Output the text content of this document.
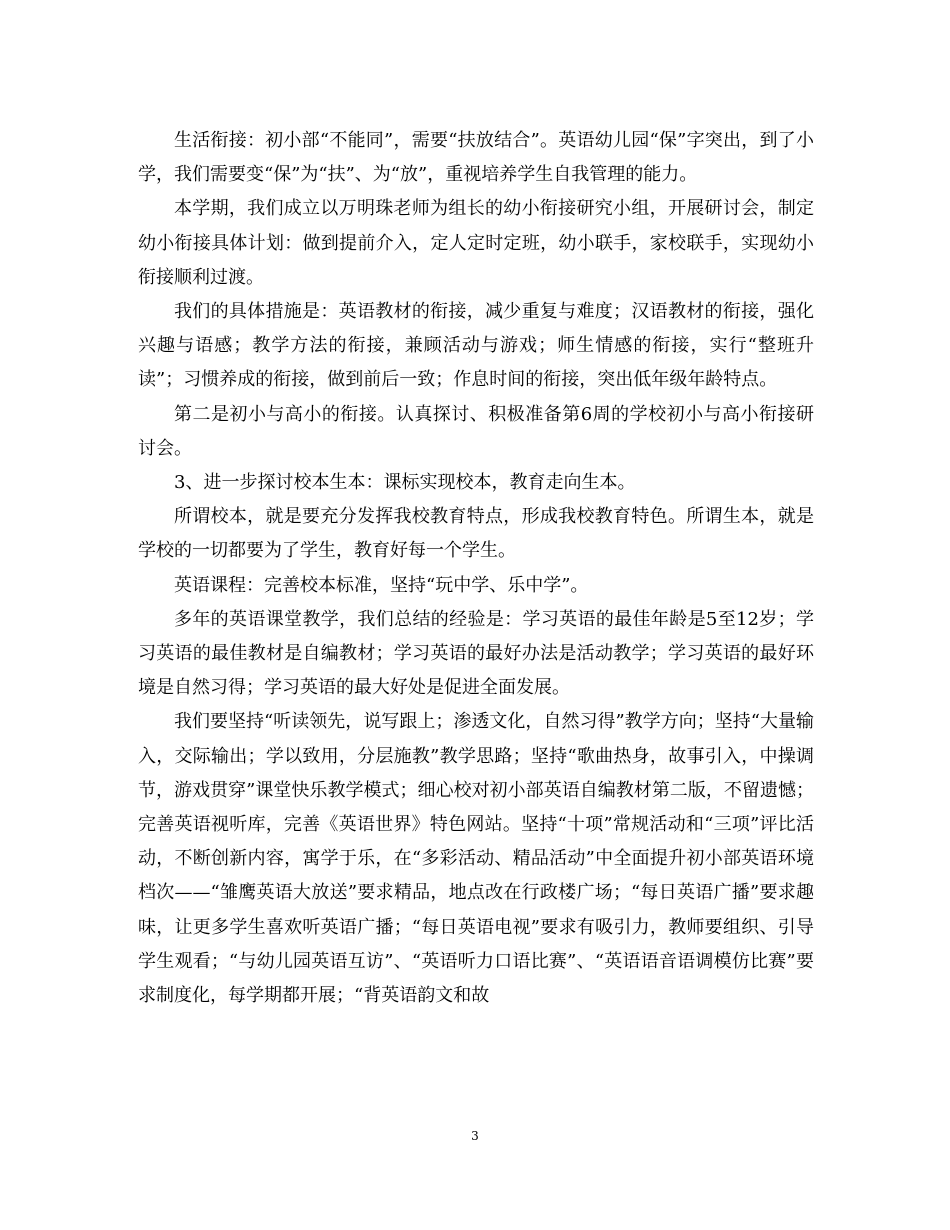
生活衔接：初小部“不能同”，需要“扶放结合”。英语幼儿园“保”字突出，到了小学，我们需要变“保”为“扶”、为“放”，重视培养学生自我管理的能力。

本学期，我们成立以万明珠老师为组长的幼小衔接研究小组，开展研讨会，制定幼小衔接具体计划：做到提前介入，定人定时定班，幼小联手，家校联手，实现幼小衔接顺利过渡。

我们的具体措施是：英语教材的衔接，减少重复与难度；汉语教材的衔接，强化兴趣与语感；教学方法的衔接，兼顾活动与游戏；师生情感的衔接，实行“整班升读”；习惯养成的衔接，做到前后一致；作息时间的衔接，突出低年级年龄特点。

第二是初小与高小的衔接。认真探讨、积极准备第6周的学校初小与高小衔接研讨会。

3、进一步探讨校本生本：课标实现校本，教育走向生本。

所谓校本，就是要充分发挥我校教育特点，形成我校教育特色。所谓生本，就是学校的一切都要为了学生，教育好每一个学生。

英语课程：完善校本标准，坚持“玩中学、乐中学”。

多年的英语课堂教学，我们总结的经验是：学习英语的最佳年龄是5至12岁；学习英语的最佳教材是自编教材；学习英语的最好办法是活动教学；学习英语的最好环境是自然习得；学习英语的最大好处是促进全面发展。

我们要坚持“听读领先，说写跟上；渗透文化，自然习得”教学方向；坚持“大量输入，交际输出；学以致用，分层施教”教学思路；坚持“歌曲热身，故事引入，中操调节，游戏贯穿”课堂快乐教学模式；细心校对初小部英语自编教材第二版，不留遗憾；完善英语视听库，完善《英语世界》特色网站。坚持“十项”常规活动和“三项”评比活动，不断创新内容，寓学于乐，在“多彩活动、精品活动”中全面提升初小部英语环境档次——“雏鹰英语大放送”要求精品，地点改在行政楼广场；“每日英语广播”要求趣味，让更多学生喜欢听英语广播；“每日英语电视”要求有吸引力，教师要组织、引导学生观看；“与幼儿园英语互访”、“英语听力口语比赛”、“英语语音语调模仿比赛”要求制度化，每学期都开展；“背英语韵文和故

3
